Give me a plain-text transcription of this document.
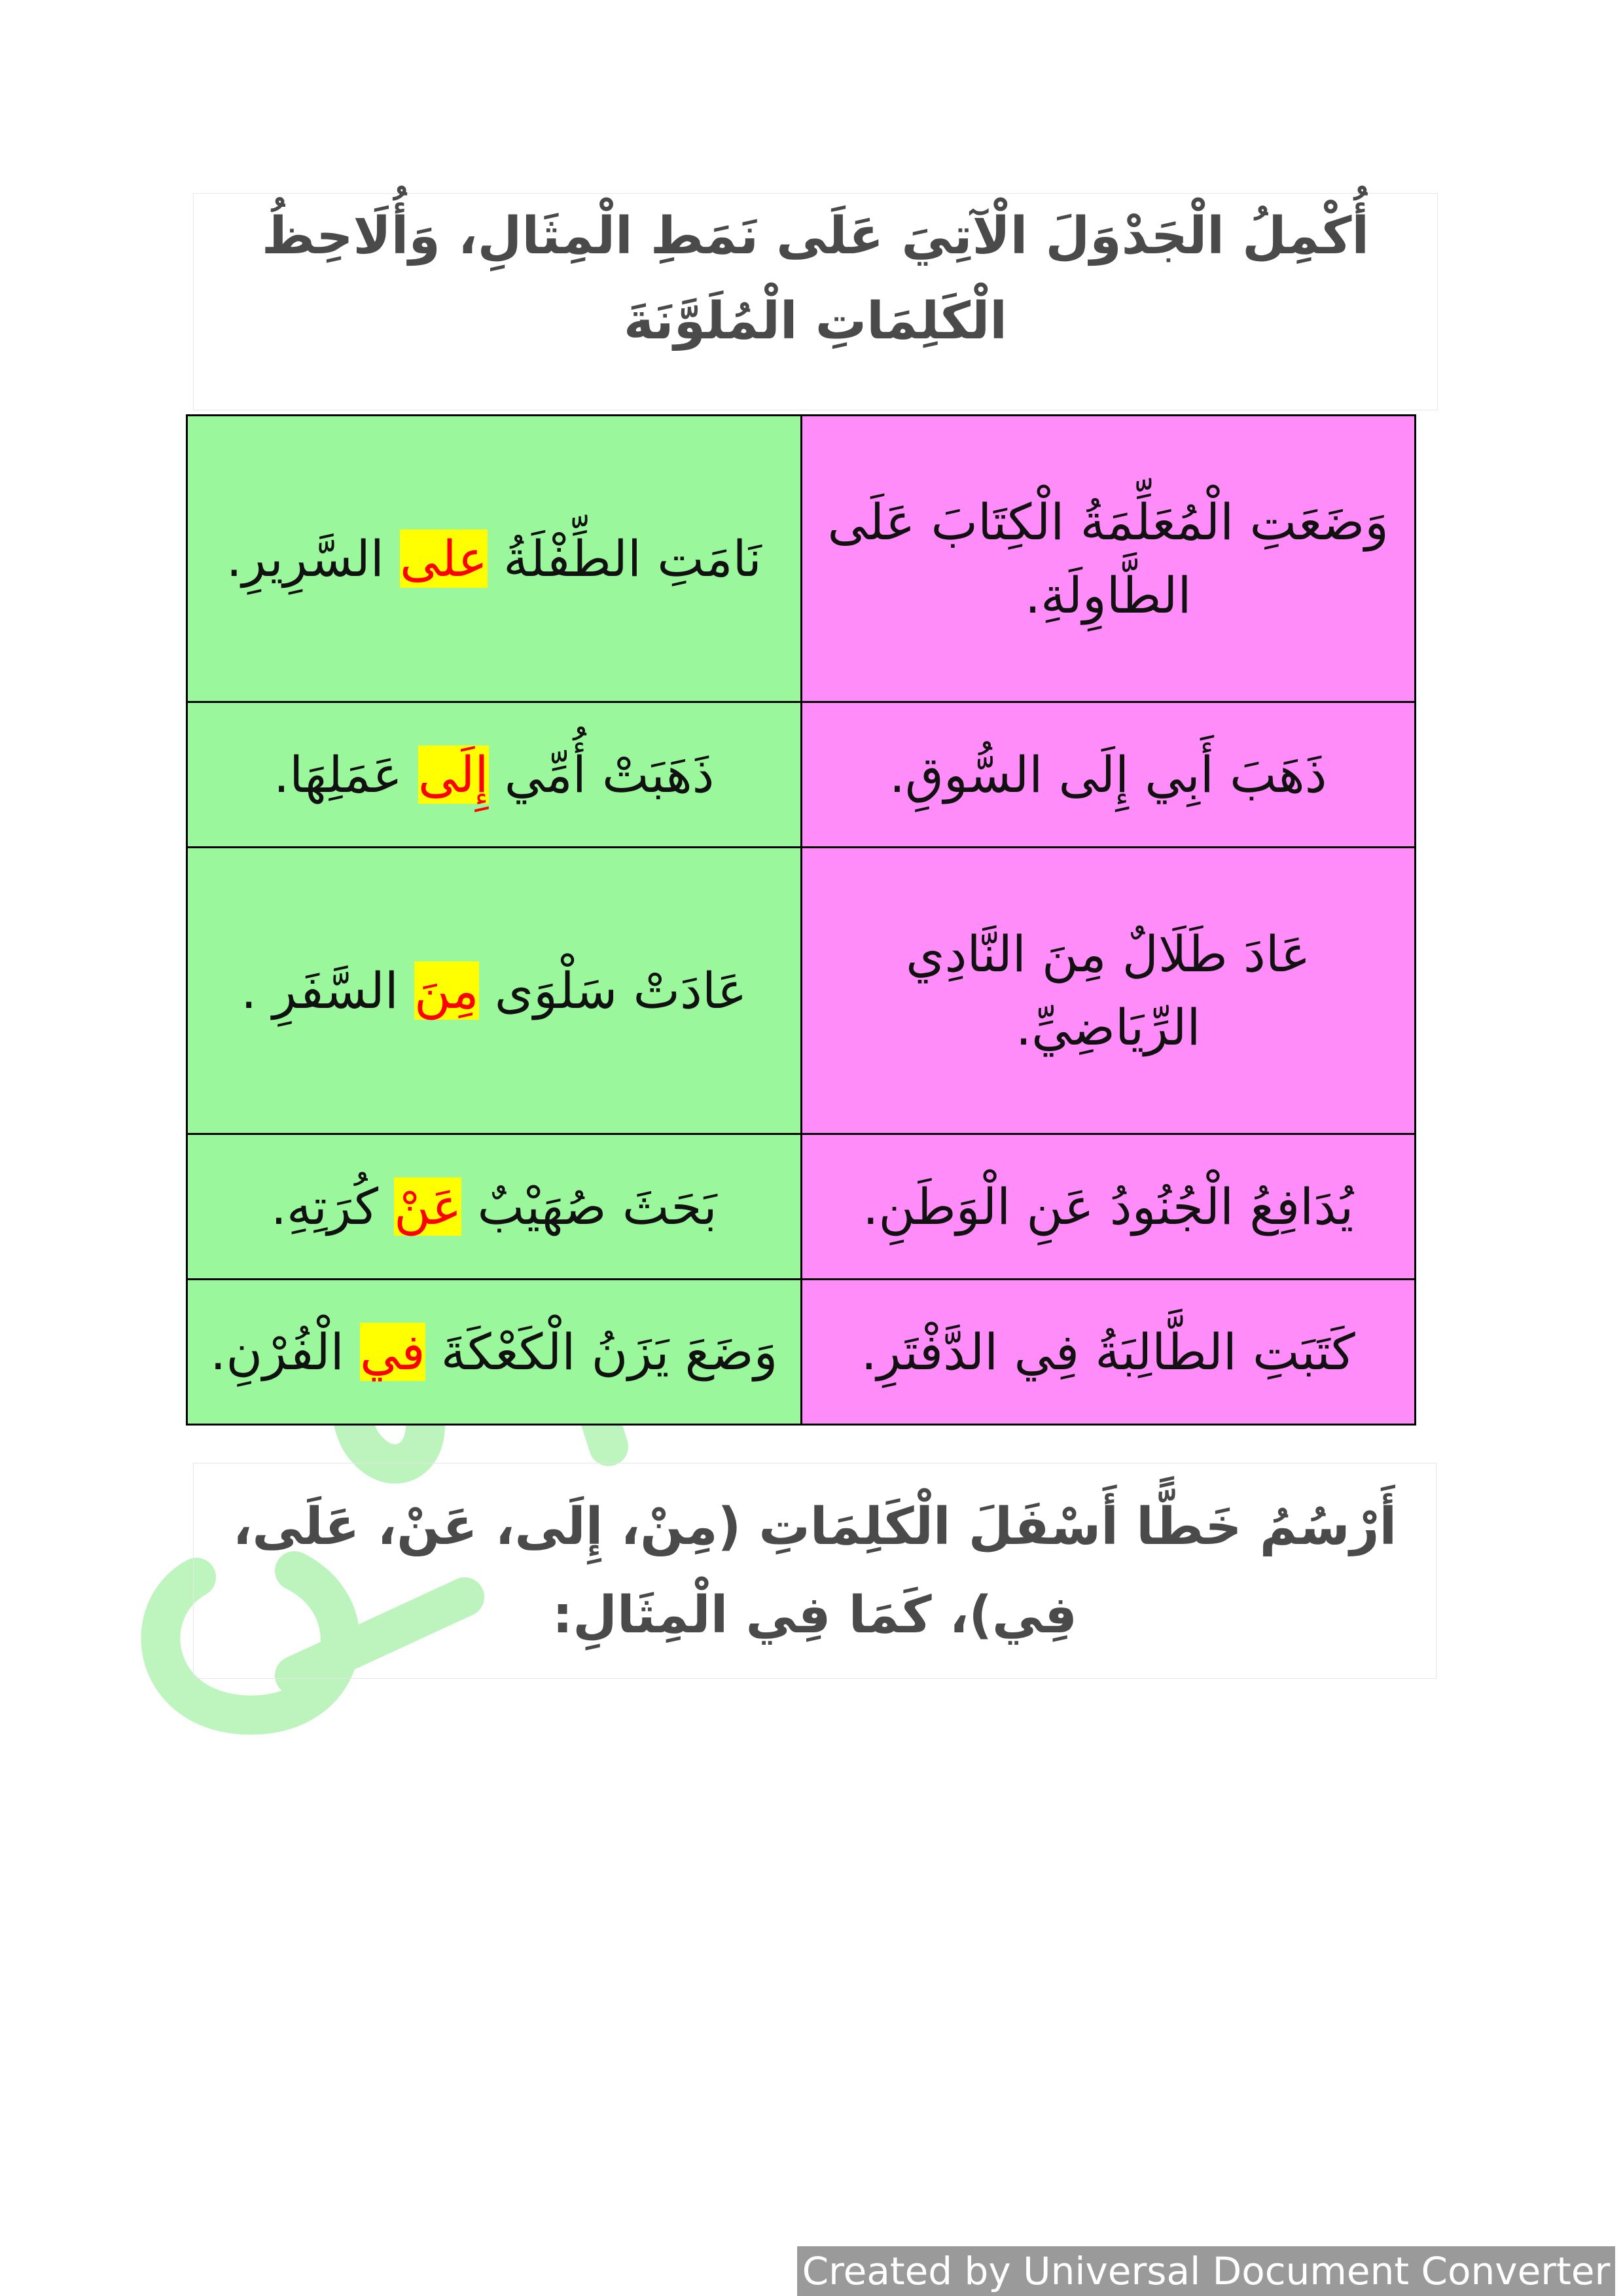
أُكْمِلُ الْجَدْوَلَ الْآتِيَ عَلَى نَمَطِ الْمِثَالِ، وَأُلَاحِظُ الْكَلِمَاتِ الْمُلَوَّنَةَ
وَضَعَتِ الْمُعَلِّمَةُ الْكِتَابَ عَلَى الطَّاوِلَةِ.	نَامَتِ الطِّفْلَةُ على السَّرِيرِ.
ذَهَبَ أَبِي إِلَى السُّوقِ.	ذَهَبَتْ أُمِّي إِلَى عَمَلِهَا.
عَادَ طَلَالٌ مِنَ النَّادِي الرِّيَاضِيِّ.	عَادَتْ سَلْوَى مِنَ السَّفَرِ .
يُدَافِعُ الْجُنُودُ عَنِ الْوَطَنِ.	بَحَثَ صُهَيْبٌ عَنْ كُرَتِهِ.
كَتَبَتِ الطَّالِبَةُ فِي الدَّفْتَرِ.	وَضَعَ يَزَنُ الْكَعْكَةَ في الْفُرْنِ.
أَرْسُمُ خَطًّا أَسْفَلَ الْكَلِمَاتِ (مِنْ، إِلَى، عَنْ، عَلَى، فِي)، كَمَا فِي الْمِثَالِ:
Created by Universal Document Converter
